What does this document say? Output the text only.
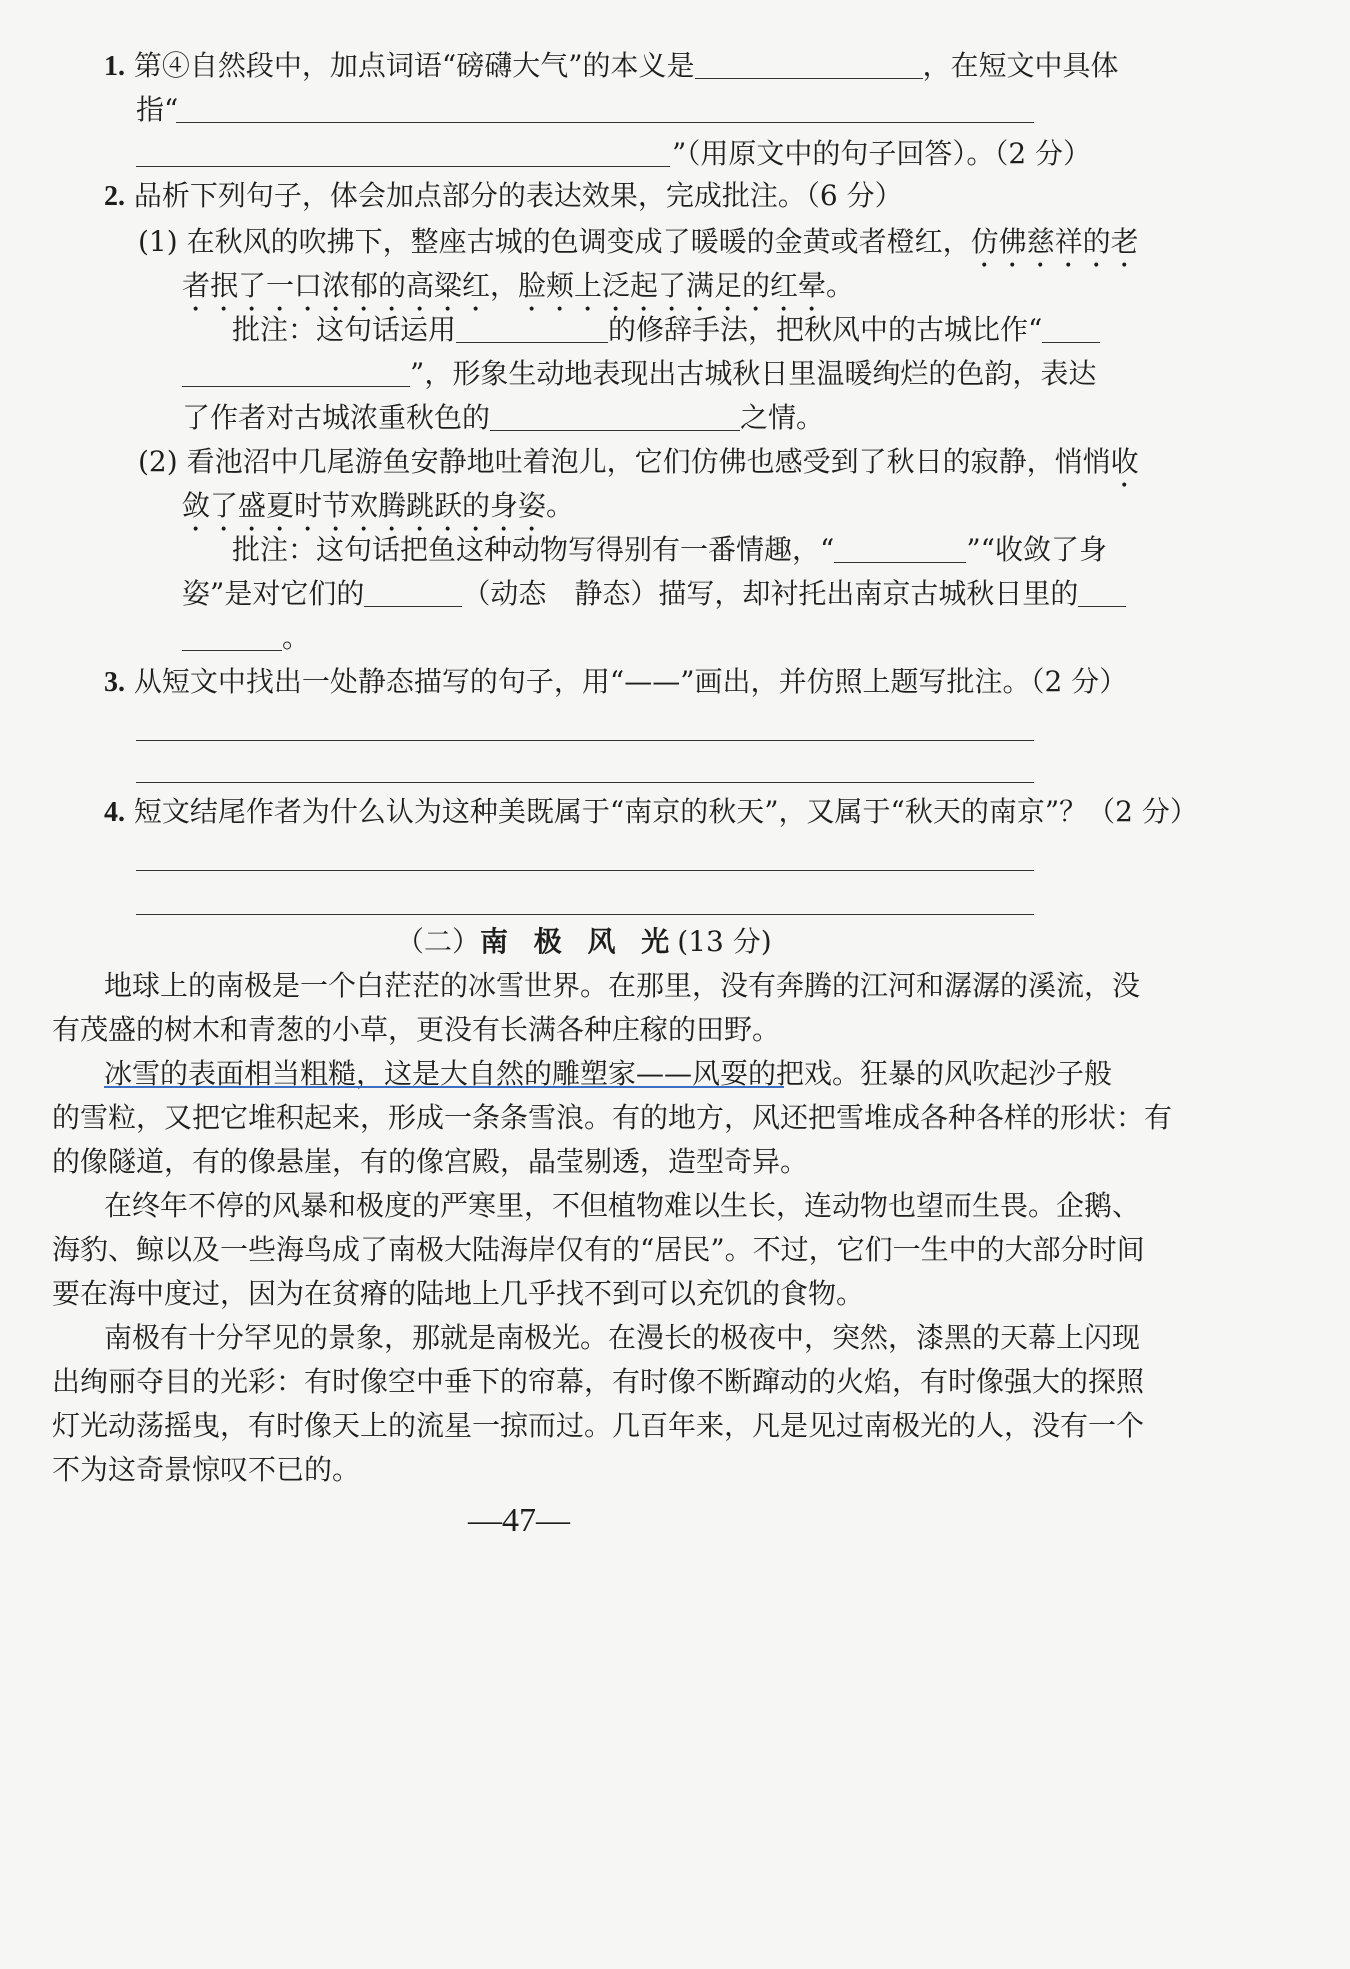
1. 第④自然段中，加点词语“磅礴大气”的本义是	，在短文中具体
指“
”（用原文中的句子回答）。（2 分）
2. 品析下列句子，体会加点部分的表达效果，完成批注。（6 分）
(1) 在秋风的吹拂下，整座古城的色调变成了暖暖的金黄或者橙红，仿佛慈祥的老
者抿了一口浓郁的高粱红，脸颊上泛起了满足的红晕。
批注：这句话运用	的修辞手法，把秋风中的古城比作“
”，形象生动地表现出古城秋日里温暖绚烂的色韵，表达
了作者对古城浓重秋色的	之情。
(2) 看池沼中几尾游鱼安静地吐着泡儿，它们仿佛也感受到了秋日的寂静，悄悄收
敛了盛夏时节欢腾跳跃的身姿。
批注：这句话把鱼这种动物写得别有一番情趣，“	”“收敛了身
姿”是对它们的	（动态　静态）描写，却衬托出南京古城秋日里的
。
3. 从短文中找出一处静态描写的句子，用“——”画出，并仿照上题写批注。（2 分）
4. 短文结尾作者为什么认为这种美既属于“南京的秋天”，又属于“秋天的南京”？（2 分）
（二）南 极 风 光(13 分)
地球上的南极是一个白茫茫的冰雪世界。在那里，没有奔腾的江河和潺潺的溪流，没
有茂盛的树木和青葱的小草，更没有长满各种庄稼的田野。
冰雪的表面相当粗糙，这是大自然的雕塑家——风耍的把戏。狂暴的风吹起沙子般
的雪粒，又把它堆积起来，形成一条条雪浪。有的地方，风还把雪堆成各种各样的形状：有
的像隧道，有的像悬崖，有的像宫殿，晶莹剔透，造型奇异。
在终年不停的风暴和极度的严寒里，不但植物难以生长，连动物也望而生畏。企鹅、
海豹、鲸以及一些海鸟成了南极大陆海岸仅有的“居民”。不过，它们一生中的大部分时间
要在海中度过，因为在贫瘠的陆地上几乎找不到可以充饥的食物。
南极有十分罕见的景象，那就是南极光。在漫长的极夜中，突然，漆黑的天幕上闪现
出绚丽夺目的光彩：有时像空中垂下的帘幕，有时像不断蹿动的火焰，有时像强大的探照
灯光动荡摇曳，有时像天上的流星一掠而过。几百年来，凡是见过南极光的人，没有一个
不为这奇景惊叹不已的。
—47—
